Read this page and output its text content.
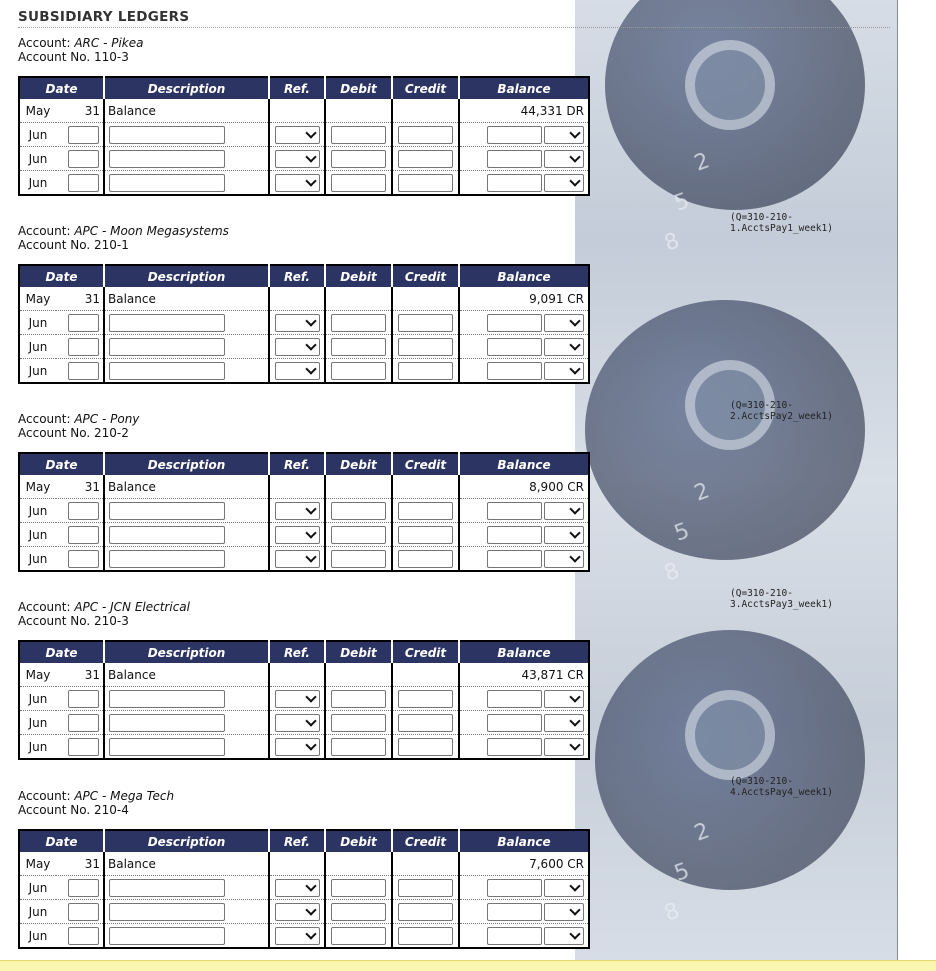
2
5
8
2
5
8
2
5
8
SUBSIDIARY LEDGERS
Account: ARC - Pikea
Account No. 110-3
Date		Description	Ref.	Debit	Credit	Balance
May	31	Balance				44,331 DR
Jun			

Jun			

Jun			

(Q=310-210-1.AcctsPay1_week1)
Account: APC - Moon Megasystems
Account No. 210-1
Date		Description	Ref.	Debit	Credit	Balance
May	31	Balance				9,091 CR
Jun			

Jun			

Jun			

(Q=310-210-2.AcctsPay2_week1)
Account: APC - Pony
Account No. 210-2
Date		Description	Ref.	Debit	Credit	Balance
May	31	Balance				8,900 CR
Jun			

Jun			

Jun			

(Q=310-210-3.AcctsPay3_week1)
Account: APC - JCN Electrical
Account No. 210-3
Date		Description	Ref.	Debit	Credit	Balance
May	31	Balance				43,871 CR
Jun			

Jun			

Jun			

(Q=310-210-4.AcctsPay4_week1)
Account: APC - Mega Tech
Account No. 210-4
Date		Description	Ref.	Debit	Credit	Balance
May	31	Balance				7,600 CR
Jun			

Jun			

Jun			
